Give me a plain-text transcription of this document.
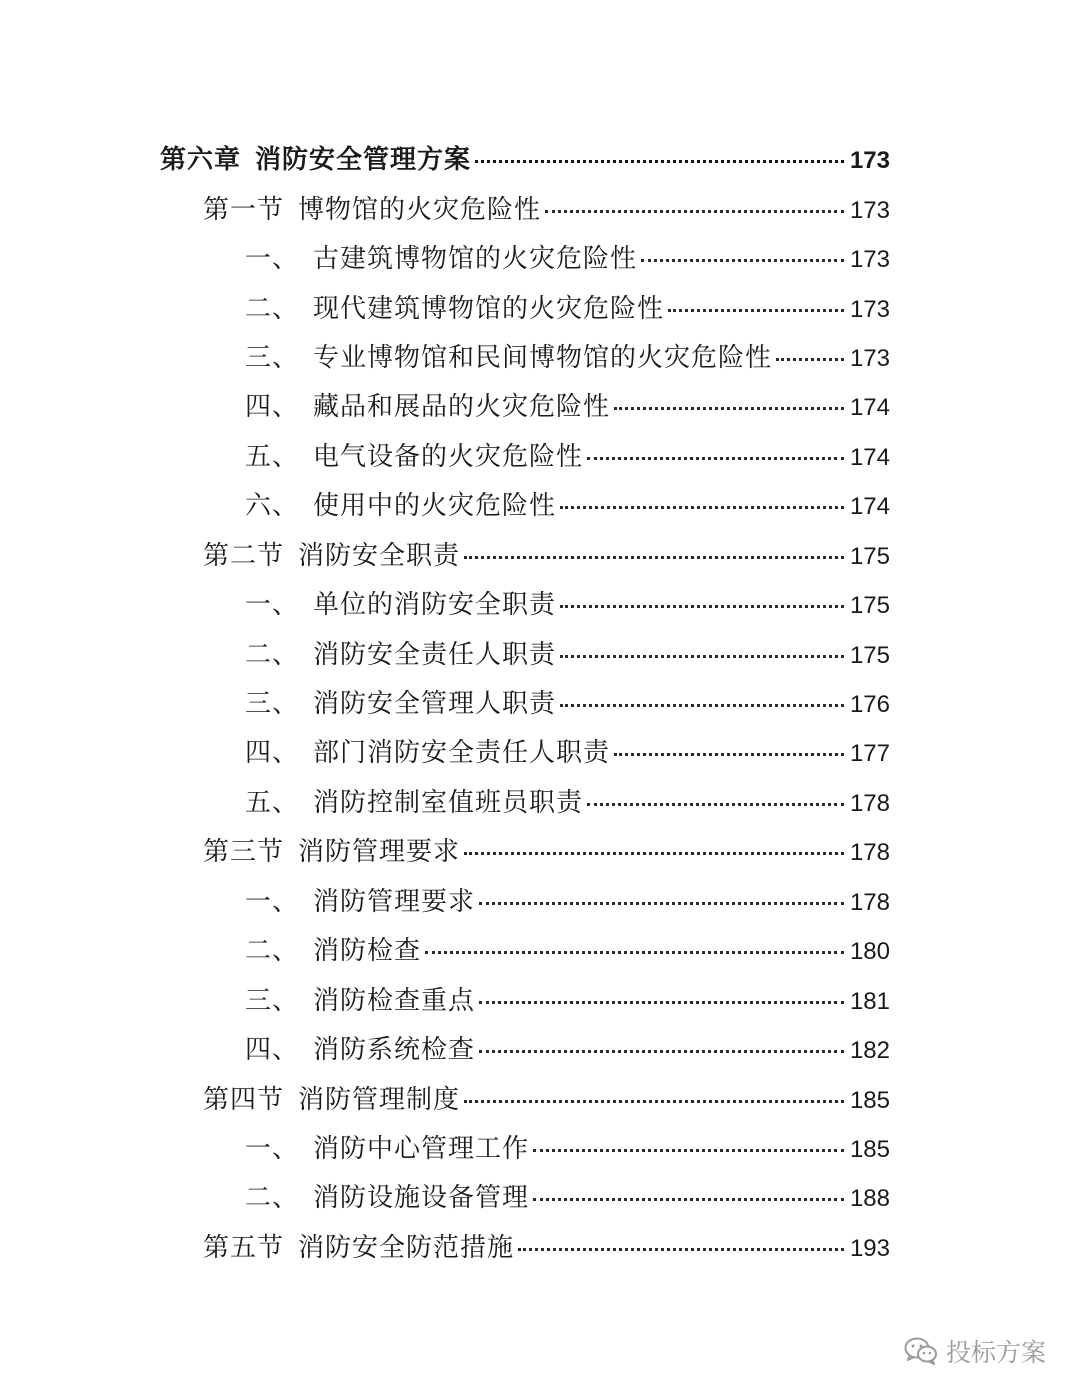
第六章 消防安全管理方案	173
第一节 博物馆的火灾危险性	173
一、 古建筑博物馆的火灾危险性	173
二、 现代建筑博物馆的火灾危险性	173
三、 专业博物馆和民间博物馆的火灾危险性	173
四、 藏品和展品的火灾危险性	174
五、 电气设备的火灾危险性	174
六、 使用中的火灾危险性	174
第二节 消防安全职责	175
一、 单位的消防安全职责	175
二、 消防安全责任人职责	175
三、 消防安全管理人职责	176
四、 部门消防安全责任人职责	177
五、 消防控制室值班员职责	178
第三节 消防管理要求	178
一、 消防管理要求	178
二、 消防检查	180
三、 消防检查重点	181
四、 消防系统检查	182
第四节 消防管理制度	185
一、 消防中心管理工作	185
二、 消防设施设备管理	188
第五节 消防安全防范措施	193
投标方案
